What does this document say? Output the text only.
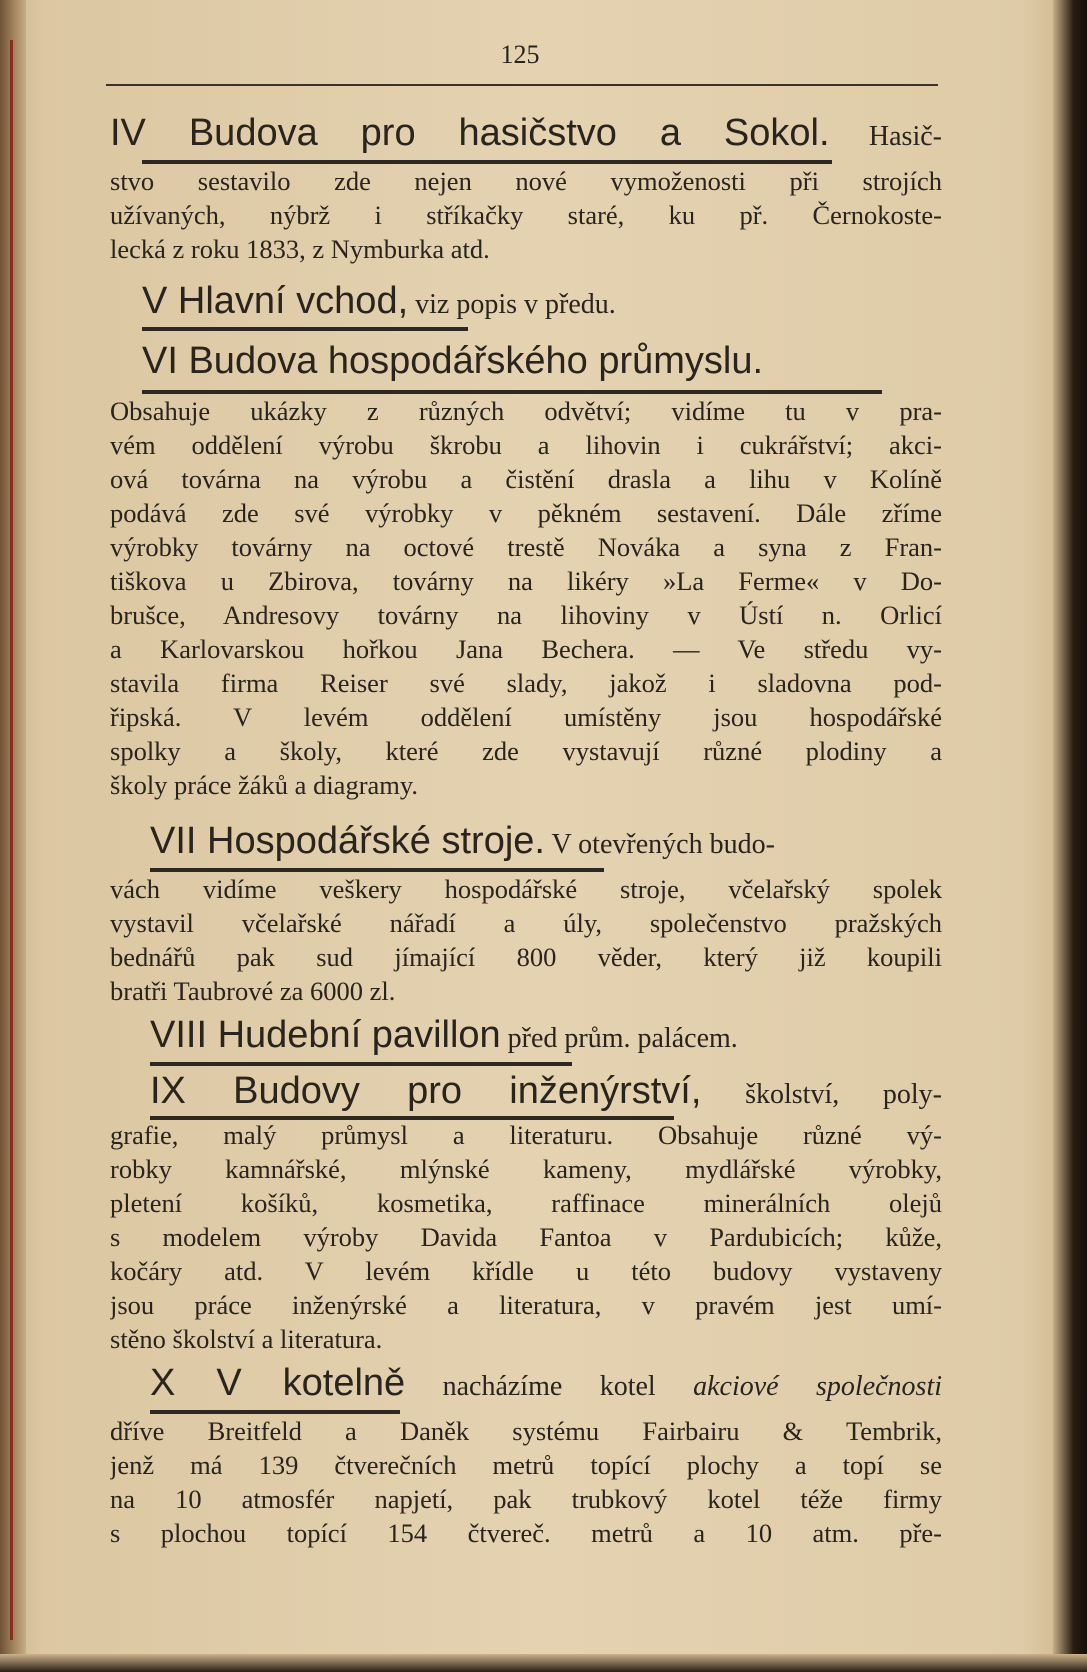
125
IV Budova pro hasičstvo a Sokol. Hasič-
stvo sestavilo zde nejen nové vymoženosti při strojích
užívaných, nýbrž i stříkačky staré, ku př. Černokoste-
lecká z roku 1833, z Nymburka atd.
V Hlavní vchod, viz popis v předu.
VI Budova hospodářského průmyslu.
Obsahuje ukázky z různých odvětví; vidíme tu v pra-
vém oddělení výrobu škrobu a lihovin i cukrářství; akci-
ová továrna na výrobu a čistění drasla a lihu v Kolíně
podává zde své výrobky v pěkném sestavení. Dále zříme
výrobky továrny na octové trestě Nováka a syna z Fran-
tiškova u Zbirova, továrny na likéry »La Ferme« v Do-
brušce, Andresovy továrny na lihoviny v Ústí n. Orlicí
a Karlovarskou hořkou Jana Bechera. — Ve středu vy-
stavila firma Reiser své slady, jakož i sladovna pod-
řipská. V levém oddělení umístěny jsou hospodářské
spolky a školy, které zde vystavují různé plodiny a
školy práce žáků a diagramy.
VII Hospodářské stroje. V otevřených budo-
vách vidíme veškery hospodářské stroje, včelařský spolek
vystavil včelařské nářadí a úly, společenstvo pražských
bednářů pak sud jímající 800 věder, který již koupili
bratři Taubrové za 6000 zl.
VIII Hudební pavillon před prům. palácem.
IX Budovy pro inženýrství, školství, poly-
grafie, malý průmysl a literaturu. Obsahuje různé vý-
robky kamnářské, mlýnské kameny, mydlářské výrobky,
pletení košíků, kosmetika, raffinace minerálních olejů
s modelem výroby Davida Fantoa v Pardubicích; kůže,
kočáry atd. V levém křídle u této budovy vystaveny
jsou práce inženýrské a literatura, v pravém jest umí-
stěno školství a literatura.
X V kotelně nacházíme kotel akciové společnosti
dříve Breitfeld a Daněk systému Fairbairu & Tembrik,
jenž má 139 čtverečních metrů topící plochy a topí se
na 10 atmosfér napjetí, pak trubkový kotel téže firmy
s plochou topící 154 čtvereč. metrů a 10 atm. pře-
